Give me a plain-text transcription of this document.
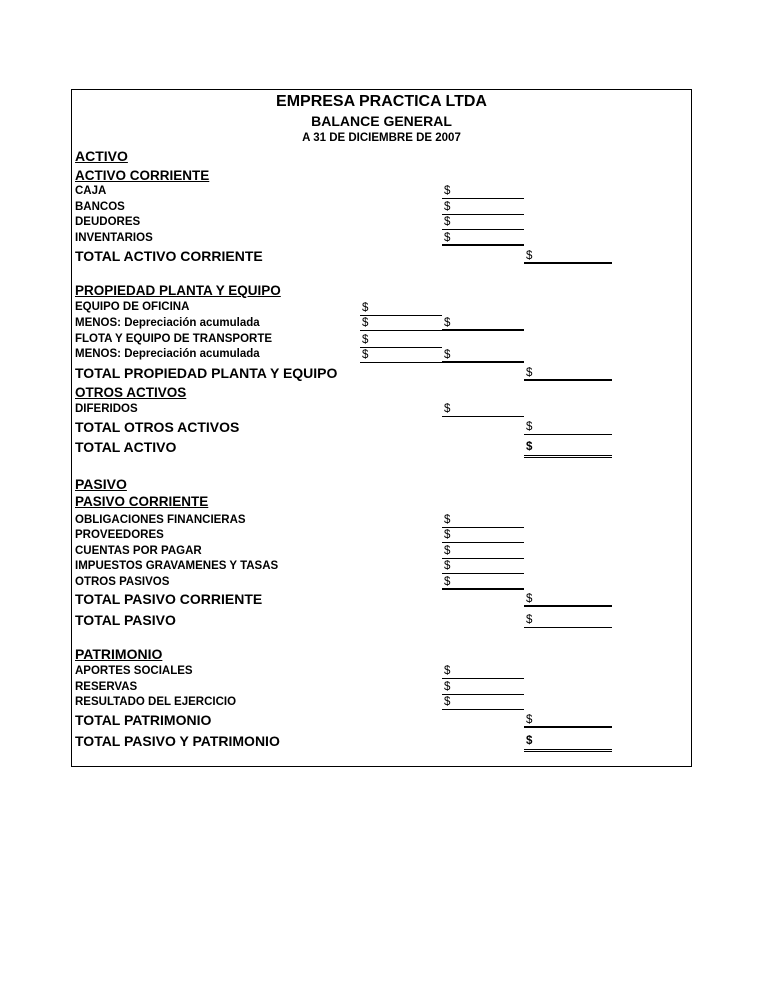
EMPRESA PRACTICA LTDA
BALANCE GENERAL
A 31 DE DICIEMBRE DE 2007
ACTIVO
ACTIVO CORRIENTE
CAJA	$
BANCOS	$
DEUDORES	$
INVENTARIOS	$
TOTAL ACTIVO CORRIENTE	$
PROPIEDAD PLANTA Y EQUIPO
EQUIPO DE OFICINA	$
MENOS: Depreciación acumulada	$	$
FLOTA Y EQUIPO DE TRANSPORTE	$
MENOS: Depreciación acumulada	$	$
TOTAL PROPIEDAD PLANTA Y EQUIPO	$
OTROS ACTIVOS
DIFERIDOS	$
TOTAL OTROS ACTIVOS	$
TOTAL ACTIVO	$
PASIVO
PASIVO CORRIENTE
OBLIGACIONES FINANCIERAS	$
PROVEEDORES	$
CUENTAS POR PAGAR	$
IMPUESTOS GRAVAMENES Y TASAS	$
OTROS PASIVOS	$
TOTAL PASIVO CORRIENTE	$
TOTAL PASIVO	$
PATRIMONIO
APORTES SOCIALES	$
RESERVAS	$
RESULTADO DEL EJERCICIO	$
TOTAL PATRIMONIO	$
TOTAL PASIVO Y PATRIMONIO	$
